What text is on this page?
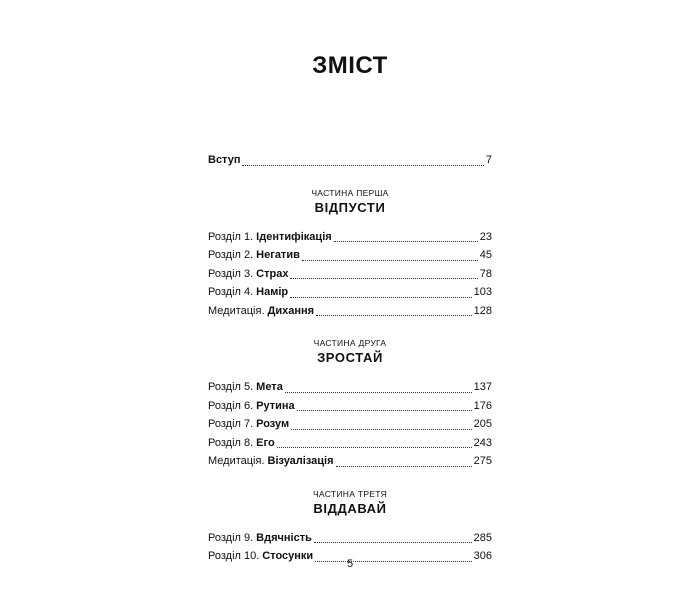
ЗМІСТ
Вступ	7
ЧАСТИНА ПЕРША
ВІДПУСТИ
Розділ 1. Ідентифікація	23
Розділ 2. Негатив	45
Розділ 3. Страх	78
Розділ 4. Намір	103
Медитація. Дихання	128
ЧАСТИНА ДРУГА
ЗРОСТАЙ
Розділ 5. Мета	137
Розділ 6. Рутина	176
Розділ 7. Розум	205
Розділ 8. Его	243
Медитація. Візуалізація	275
ЧАСТИНА ТРЕТЯ
ВІДДАВАЙ
Розділ 9. Вдячність	285
Розділ 10. Стосунки	306
5
